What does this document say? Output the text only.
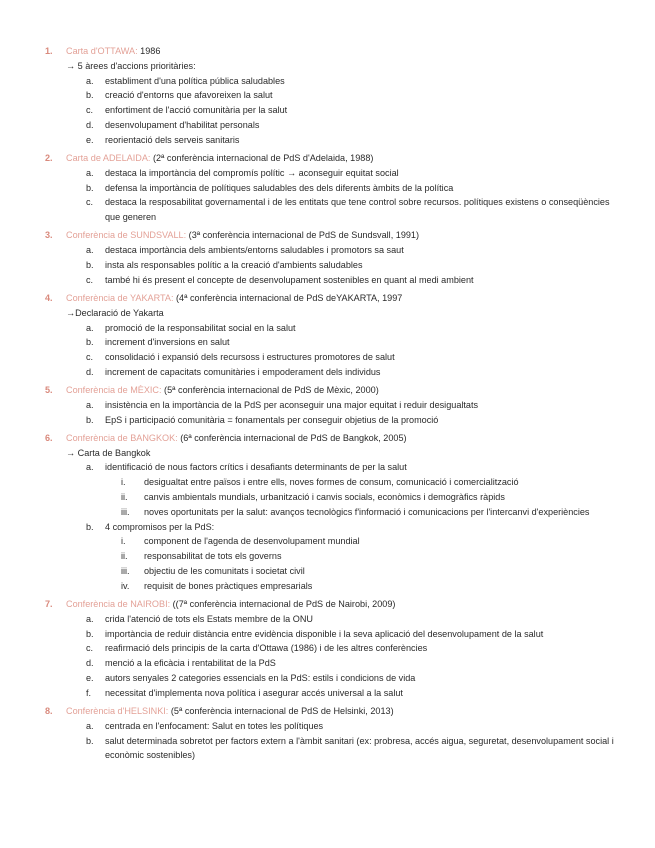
1. Carta d'OTTAWA: 1986
→ 5 àrees d'accions prioritàries:
a.	establiment d'una política pública saludables
b.	creació d'entorns que afavoreixen la salut
c.	enfortiment de l'acció comunitària per la salut
d.	desenvolupament d'habilitat personals
e.	reorientació dels serveis sanitaris
2. Carta de ADELAIDA: (2ª conferència internacional de PdS d'Adelaida, 1988)
a.	destaca la importància del compromís polític → aconseguir equitat social
b.	defensa la importància de polítiques saludables des dels diferents àmbits de la política
c.	destaca la resposabilitat governamental i de les entitats que tene control sobre recursos. polítiques existens o conseqüències que generen
3. Conferència de SUNDSVALL: (3ª conferència internacional de PdS de Sundsvall, 1991)
a.	destaca importància dels ambients/entorns saludables i promotors sa saut
b.	insta als responsables polític a la creació d'ambients saludables
c.	també hi és present el concepte de desenvolupament sostenibles en quant al medi ambient
4. Conferència de YAKARTA: (4ª conferència internacional de PdS deYAKARTA, 1997
→Declaració de Yakarta
a.	promoció de la responsabilitat social en la salut
b.	increment d'inversions en salut
c.	consolidació i expansió dels recursoss i estructures promotores de salut
d.	increment de capacitats comunitàries i empoderament dels individus
5. Conferència de MÈXIC: (5ª conferència internacional de PdS de Mèxic, 2000)
a.	insistència en la importància de la PdS per aconseguir una major equitat i reduir desigualtats
b.	EpS i participació comunitària = fonamentals per conseguir objetius de la promoció
6. Conferència de BANGKOK: (6ª conferència internacional de PdS de Bangkok, 2005)
→ Carta de Bangkok
a.	identificació de nous factors crítics i desafiants determinants de per la salut
i.	desigualtat entre països i entre ells, noves formes de consum, comunicació i comercialització
ii.	canvis ambientals mundials, urbanització i canvis socials, econòmics i demogràfics ràpids
iii.	noves oportunitats per la salut: avanços tecnològics f'informació i comunicacions per l'intercanvi d'experiències
b.	4 compromisos per la PdS:
i.	component de l'agenda de desenvolupament mundial
ii.	responsabilitat de tots els governs
iii.	objectiu de les comunitats i societat civil
iv.	requisit de bones pràctiques empresarials
7. Conferència de NAIROBI: ((7ª conferència internacional de PdS de Nairobi, 2009)
a.	crida l'atenció de tots els Estats membre de la ONU
b.	importància de reduir distància entre evidència disponible i la seva aplicació del desenvolupament de la salut
c.	reafirmació dels principis de la carta d'Ottawa (1986) i de les altres conferències
d.	menció a la eficàcia i rentabilitat de la PdS
e.	autors senyales 2 categories essencials en la PdS: estils i condicions de vida
f.	necessitat d'implementa nova política i asegurar accés universal a la salut
8. Conferència d'HELSINKI: (5ª conferència internacional de PdS de Helsinki, 2013)
a.	centrada en l'enfocament: Salut en totes les polítiques
b.	salut determinada sobretot per factors extern a l'àmbit sanitari (ex: probresa, accés aigua, seguretat, desenvolupament social i econòmic sostenibles)
